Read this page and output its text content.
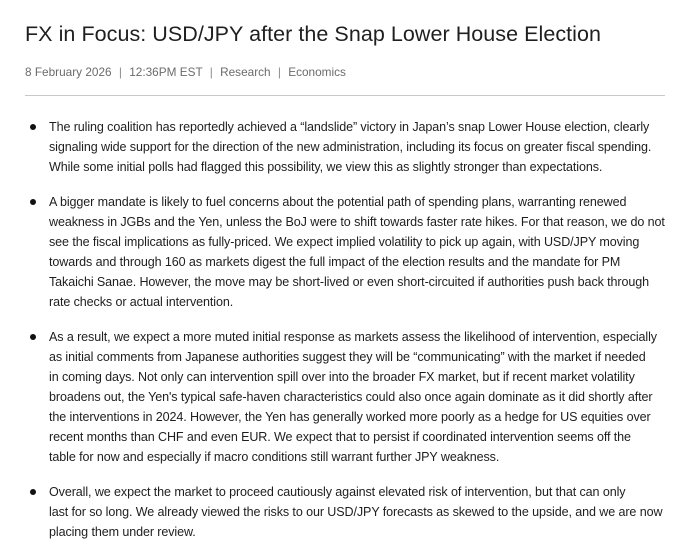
FX in Focus: USD/JPY after the Snap Lower House Election
8 February 2026 | 12:36PM EST | Research | Economics
The ruling coalition has reportedly achieved a “landslide” victory in Japan’s snap Lower House election, clearly
signaling wide support for the direction of the new administration, including its focus on greater fiscal spending.
While some initial polls had flagged this possibility, we view this as slightly stronger than expectations.
A bigger mandate is likely to fuel concerns about the potential path of spending plans, warranting renewed
weakness in JGBs and the Yen, unless the BoJ were to shift towards faster rate hikes. For that reason, we do not
see the fiscal implications as fully-priced. We expect implied volatility to pick up again, with USD/JPY moving
towards and through 160 as markets digest the full impact of the election results and the mandate for PM
Takaichi Sanae. However, the move may be short-lived or even short-circuited if authorities push back through
rate checks or actual intervention.
As a result, we expect a more muted initial response as markets assess the likelihood of intervention, especially
as initial comments from Japanese authorities suggest they will be “communicating” with the market if needed
in coming days. Not only can intervention spill over into the broader FX market, but if recent market volatility
broadens out, the Yen's typical safe-haven characteristics could also once again dominate as it did shortly after
the interventions in 2024. However, the Yen has generally worked more poorly as a hedge for US equities over
recent months than CHF and even EUR. We expect that to persist if coordinated intervention seems off the
table for now and especially if macro conditions still warrant further JPY weakness.
Overall, we expect the market to proceed cautiously against elevated risk of intervention, but that can only
last for so long. We already viewed the risks to our USD/JPY forecasts as skewed to the upside, and we are now
placing them under review.
